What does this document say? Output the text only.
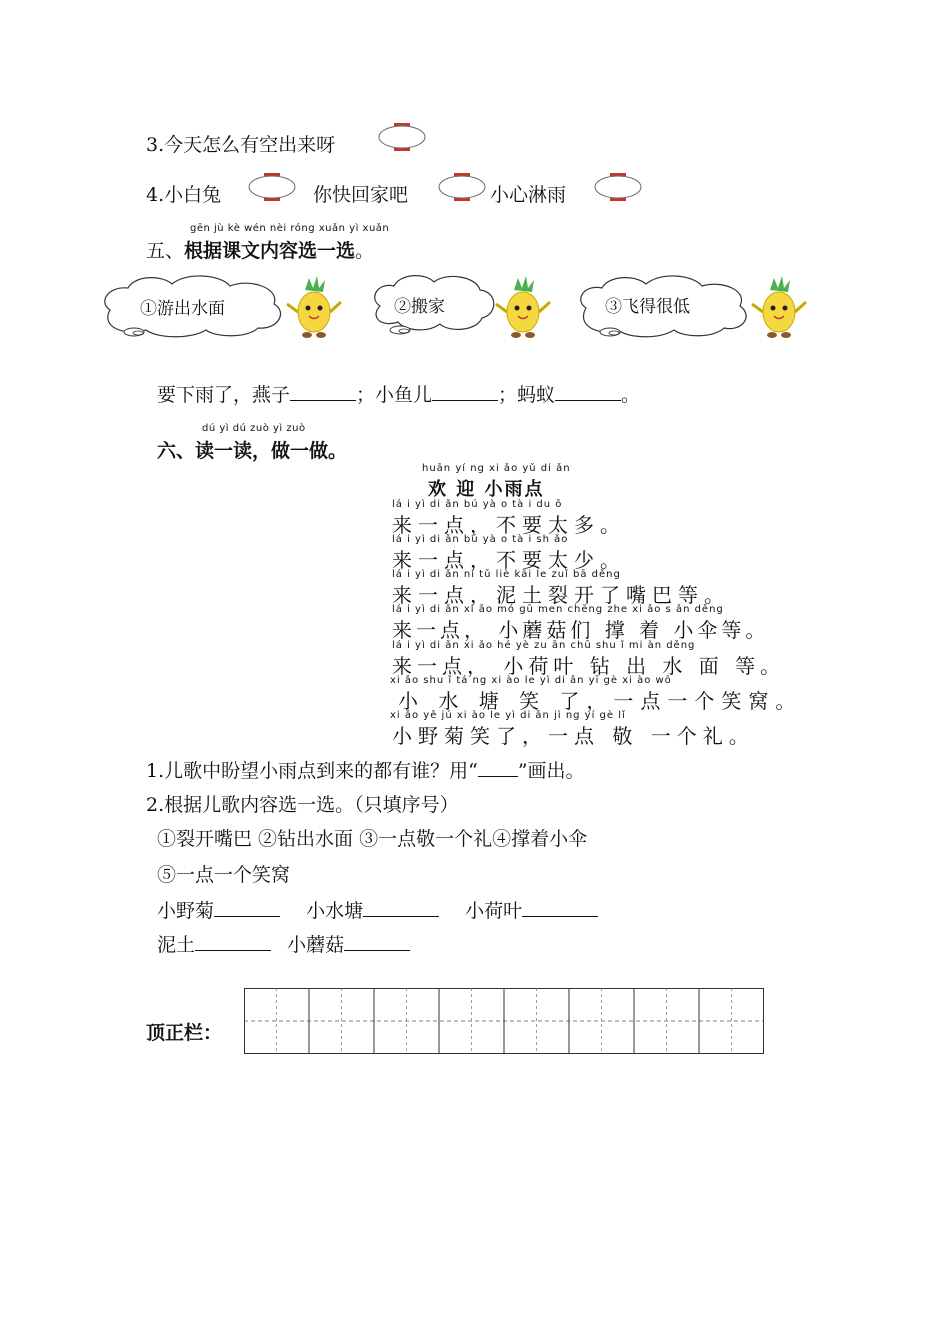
3.今天怎么有空出来呀
4.小白兔	你快回家吧	小心淋雨
gēn jù kè wén nèi róng xuǎn yì xuǎn
五、根据课文内容选一选。
①游出水面	②搬家	③飞得很低
要下雨了，燕子	；小鱼儿	；蚂蚁	。
dú yì dú zuò yì zuò
六、读一读，做一做。
huān yí ng xi ǎo yǔ di ǎn
欢 迎 小雨点
lá i yì di ǎn bú yà o tà i du ō
来一点，不要太多。
lá i yì di ǎn bú yà o tà i sh ǎo
来一点，不要太少。
lá i yì di ǎn ní tǔ liè kāi le zuǐ bā děng
来一点，泥土裂开了嘴巴等。
lá i yì di ǎn xi ǎo mó gū men chēng zhe xi ǎo s ǎn děng
来一点， 小蘑菇们 撑 着 小伞等。
lá i yì di ǎn xi ǎo hé yè zu ān chū shu ǐ mi àn děng
来一点， 小荷叶 钻 出 水 面 等。
xi ǎo shu ǐ tá ng xi ào le yì di ǎn yī gè xi ào wō
小 水 塘 笑 了，一点一个笑窝。
xi ǎo yě jú xi ào le yì di ǎn jì ng yí gè lǐ
小野菊笑了，一点 敬 一个礼。
1.儿歌中盼望小雨点到来的都有谁？用“ ”画出。
2.根据儿歌内容选一选。（只填序号）
①裂开嘴巴 ②钻出水面 ③一点敬一个礼④撑着小伞
⑤一点一个笑窝
小野菊	小水塘	小荷叶
泥土	小蘑菇
顶正栏：
